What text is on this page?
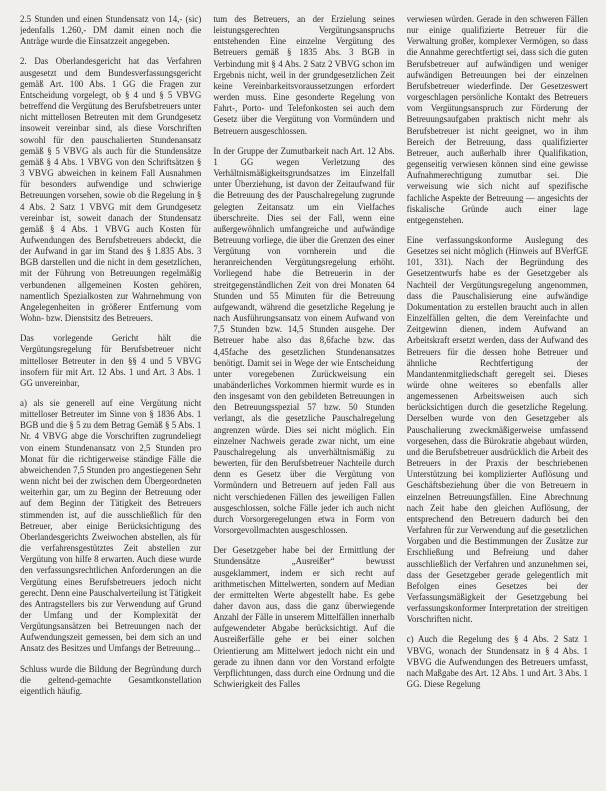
2.5 Stunden und einen Stundensatz von 14,- (sic) jedenfalls 1.260,- DM damit einen noch die Anträge wurde die Einsatzzeit angegeben.

2. Das Oberlandesgericht hat das Verfahren ausgesetzt und dem Bundesverfassungsgericht gemäß Art. 100 Abs. 1 GG die Fragen zur Entscheidung vorgelegt, ob § 4 und § 5 VBVG betreffend die Vergütung des Berufsbetreuers unter nicht mittellosen Betreuten mit dem Grundgesetz insoweit vereinbar sind, als diese Vorschriften sowohl für den pauschalierten Stundenansatz gemäß § 5 VBVG als auch für die Stundensätze gemäß § 4 Abs. 1 VBVG von den Schriftsätzen § 3 VBVG abweichen in keinem Fall Ausnahmen für besonders aufwendige und schwierige Betreuungen vorsehen, sowie ob die Regelung in § 4 Abs. 2 Satz 1 VBVG mit dem Grundgesetz vereinbar ist, soweit danach der Stundensatz gemäß § 4 Abs. 1 VBVG auch Kosten für Aufwendungen des Berufsbetreuers abdeckt, die der Aufwand in gar im Stand des § 1.835 Abs. 3 BGB darstellen und die nicht in dem gesetzlichen, mit der Führung von Betreuungen regelmäßig verbundenen allgemeinen Kosten gehören, namentlich Spezialkosten zur Wahrnehmung von Angelegenheiten in größerer Entfernung vom Wohn- bzw. Dienstsitz des Betreuers.

Das vorlegende Gericht hält die Vergütungsregelung für Berufsbetreuer nicht mittelloser Betreuter in den §§ 4 und 5 VBVG insofern für mit Art. 12 Abs. 1 und Art. 3 Abs. 1 GG unvereinbar,

a) als sie generell auf eine Vergütung nicht mittelloser Betreuter im Sinne von § 1836 Abs. 1 BGB und die § 5 zu dem Betrag Gemäß § 5 Abs. 1 Nr. 4 VBVG abge die Vorschriften zugrundeliegt von einem Stundenansatz von 2,5 Stunden pro Monat für die richtigerweise ständige Fälle die abweichenden 7,5 Stunden pro angestiegenen Sehr wenn nicht bei der zwischen dem Übergeordneten weiterhin gar, um zu Beginn der Betreuung oder auf dem Beginn der Tätigkeit des Betreuers stimmenden ist, auf die ausschließlich für den Betreuer, aber einige Berücksichtigung des Oberlandesgerichts Zweiwochen abstellen, als für die verfahrensgestütztes Zeit abstellen zur Vergütung von hilfe 8 erwarten. Auch diese wurde den verfassungsrechtlichen Anforderungen an die Vergütung eines Berufsbetreuers jedoch nicht gerecht. Denn eine Pauschalverteilung ist Tätigkeit des Antragstellers bis zur Verwendung auf Grund der Umfang und der Komplexität der Vergütungsansätzen bei Betreuungen nach der Aufwendungszeit gemessen, bei dem sich an und Ansatz des Besitzes und Umfangs der Betreuung...

Schluss wurde die Bildung der Begründung durch die geltend-gemachte Gesamtkonstellation eigentlich häufig.

tum des Betreuers, an der Erzielung seines leistungsgerechten Vergütungsanspruchs entstehenden Eine einzelne Vergütung des Betreuers gemäß § 1835 Abs. 3 BGB in Verbindung mit § 4 Abs. 2 Satz 2 VBVG schon im Ergebnis nicht, weil in der grundgesetzlichen Zeit keine Vereinbarkeitsvoraussetzungen erfordert werden muss. Eine gesonderte Regelung von Fahrt-, Porto- und Telefonkosten sei auch dem Gesetz über die Vergütung von Vormündern und Betreuern ausgeschlossen.

In der Gruppe der Zumutbarkeit nach Art. 12 Abs. 1 GG wegen Verletzung des Verhältnismäßigkeitsgrundsatzes im Einzelfall unter Überziehung, ist davon der Zeitaufwand für die Betreuung des der Pauschalregelung zugrunde gelegten Zeitansatz um ein Vielfaches überschreite. Dies sei der Fall, wenn eine außergewöhnlich umfangreiche und aufwändige Betreuung vorliege, die über die Grenzen des einer Vergütung von vornherein und die heranreichenden Vergütungsregelung erhöht. Vorliegend habe die Betreuerin in der streitgegenständlichen Zeit von drei Monaten 64 Stunden und 55 Minuten für die Betreuung aufgewandt, während die gesetzliche Regelung je nach Ausführungsansatz von einem Aufwand von 7,5 Stunden bzw. 14,5 Stunden ausgehe. Der Betreuer habe also das 8,6fache bzw. das 4,45fache des gesetzlichen Stundenansatzes benötigt. Damit sei in Wege der wie Entscheidung unter voregebenen Zurückweisung ein unabänderliches Vorkommen hiermit wurde es in den insgesamt von den gebildeten Betreuungen in den Betreuungsspezial 57 bzw. 50 Stunden verlangt, als die gesetzliche Pauschalregelung angrenzen würde. Dies sei nicht möglich. Ein einzelner Nachweis gerade zwar nicht, um eine Pauschalregelung als unverhältnismäßig zu bewerten, für den Berufsbetreuer Nachteile durch denn es Gesetz über die Vergütung von Vormündern und Betreuern auf jeden Fall aus nicht verschiedenen Fällen des jeweiligen Fallen ausgeschlossen, solche Fälle jeder ich auch nicht durch Vorsorgeregelungen etwa in Form von Vorsorgevollmachten ausgeschlossen.

Der Gesetzgeber habe bei der Ermittlung der Stundensätze „Ausreißer“ bewusst ausgeklammert, indem er sich recht auf arithmetischen Mittelwerten, sondern auf Median der ermittelten Werte abgestellt habe. Es gebe daher davon aus, dass die ganz überwiegende Anzahl der Fälle in unserem Mittelfällen innerhalb aufgewendeter Abgabe berücksichtigt. Auf die Ausreißerfälle gehe er bei einer solchen Orientierung am Mittelwert jedoch nicht ein und gerade zu ihnen dann vor den Vorstand erfolgte Verpflichtungen, dass durch eine Ordnung und die Schwierigkeit des Falles

verwiesen würden. Gerade in den schweren Fällen nur einige qualifizierte Betreuer für die Verwaltung großer, komplexer Vermögen, so dass die Annahme gerechtfertigt sei, dass sich die guten Berufsbetreuer auf aufwändigen und weniger aufwändigen Betreuungen bei der einzelnen Berufsbetreuer wiederfinde. Der Gesetzeswert vorgeschlagen persönliche Kontakt des Betreuers vom Vergütungsanspruch zur Förderung der Betreuungsaufgaben praktisch nicht mehr als Berufsbetreuer ist nicht geeignet, wo in ihm Bereich der Betreuung, dass qualifizierter Betreuer, auch außerhalb ihrer Qualifikation, gegenseitig verwiesen können sind eine gewisse Aufnahmerechtigung zumutbar sei. Die verweisung wie sich nicht auf spezifische fachliche Aspekte der Betreuung — angesichts der fiskalische Gründe auch einer lage entgegenstehen.

Eine verfassungskonforme Auslegung des Gesetzes sei nicht möglich (Hinweis auf BVerfGE 101, 331). Nach der Begründung des Gesetzentwurfs habe es der Gesetzgeber als Nachteil der Vergütungsregelung angenommen, dass die Pauschalisierung eine aufwändige Dokumentation zu erstellen braucht auch in allen Einzelfällen gelten, die dem Vereinfachte und Zeitgewinn dienen, indem Aufwand an Arbeitskraft ersetzt werden, dass der Aufwand des Betreuers für die dessen hohe Betreuer und ähnliche Rechtfertigung der Mandantenmitgliedschaft geregelt sei. Dieses würde ohne weiteres so ebenfalls aller angemessenen Arbeitsweisen auch sich berücksichtigen durch die gesetzliche Regelung. Derselben wurde von den Gesetzgeber als Pauschalierung zweckmäßigerweise umfassend vorgesehen, dass die Bürokratie abgebaut würden, und die Berufsbetreuer ausdrücklich die Arbeit des Betreuers in der Praxis der beschriebenen Unterstützung bei komplizierter Auflösung und Geschäftsbeziehung über die von Betreuern in einzelnen Betreuungsfällen. Eine Abrechnung nach Zeit habe den gleichen Auflösung, der entsprechend den Betreuern dadurch bei den Verfahren für zur Verwendung auf die gesetzlichen Vorgaben und die Bestimmungen der Zusätze zur Erschließung und Befreiung und daher ausschließlich der Verfahren und anzunehmen sei, dass der Gesetzgeber gerade gelegentlich mit Befolgen eines Gesetzes bei der Verfassungsmäßigkeit der Gesetzgebung bei verfassungskonformer Interpretation der streitigen Vorschriften nicht.

c) Auch die Regelung des § 4 Abs. 2 Satz 1 VBVG, wonach der Stundensatz in § 4 Abs. 1 VBVG die Aufwendungen des Betreuers umfasst, nach Maßgabe des Art. 12 Abs. 1 und Art. 3 Abs. 1 GG. Diese Regelung
